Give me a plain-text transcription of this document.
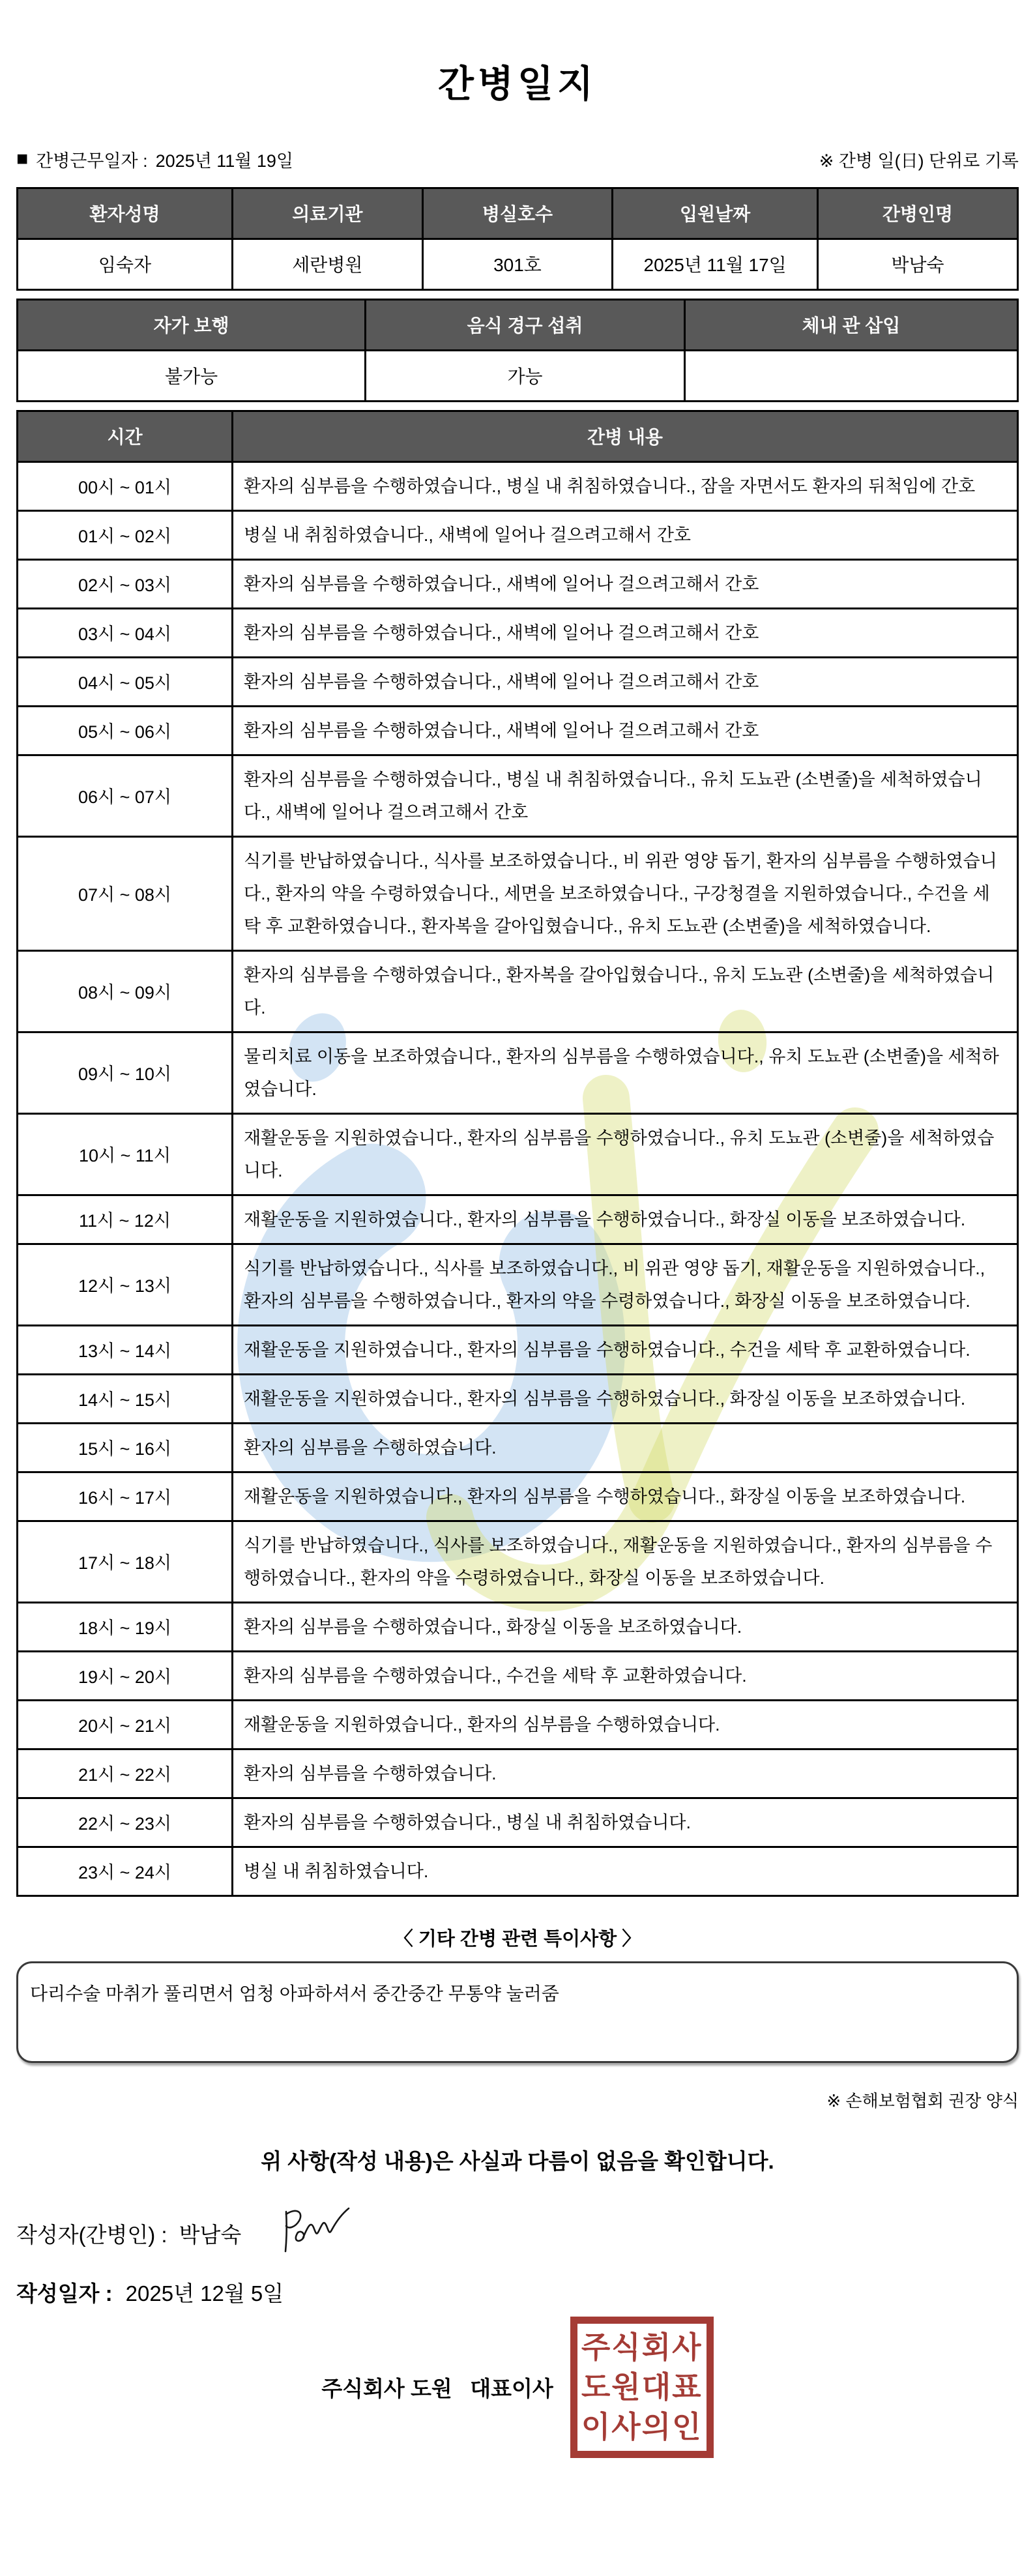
간병일지
■ 간병근무일자 : 2025년 11월 19일	※ 간병 일(日) 단위로 기록
환자성명	의료기관	병실호수	입원날짜	간병인명
임숙자	세란병원	301호	2025년 11월 17일	박남숙
자가 보행	음식 경구 섭취	체내 관 삽입
불가능	가능	
시간	간병 내용
00시 ~ 01시	환자의 심부름을 수행하였습니다., 병실 내 취침하였습니다., 잠을 자면서도 환자의 뒤척임에 간호
01시 ~ 02시	병실 내 취침하였습니다., 새벽에 일어나 걸으려고해서 간호
02시 ~ 03시	환자의 심부름을 수행하였습니다., 새벽에 일어나 걸으려고해서 간호
03시 ~ 04시	환자의 심부름을 수행하였습니다., 새벽에 일어나 걸으려고해서 간호
04시 ~ 05시	환자의 심부름을 수행하였습니다., 새벽에 일어나 걸으려고해서 간호
05시 ~ 06시	환자의 심부름을 수행하였습니다., 새벽에 일어나 걸으려고해서 간호
06시 ~ 07시	환자의 심부름을 수행하였습니다., 병실 내 취침하였습니다., 유치 도뇨관 (소변줄)을 세척하였습니다., 새벽에 일어나 걸으려고해서 간호
07시 ~ 08시	식기를 반납하였습니다., 식사를 보조하였습니다., 비 위관 영양 돕기, 환자의 심부름을 수행하였습니다., 환자의 약을 수령하였습니다., 세면을 보조하였습니다., 구강청결을 지원하였습니다., 수건을 세탁 후 교환하였습니다., 환자복을 갈아입혔습니다., 유치 도뇨관 (소변줄)을 세척하였습니다.
08시 ~ 09시	환자의 심부름을 수행하였습니다., 환자복을 갈아입혔습니다., 유치 도뇨관 (소변줄)을 세척하였습니다.
09시 ~ 10시	물리치료 이동을 보조하였습니다., 환자의 심부름을 수행하였습니다., 유치 도뇨관 (소변줄)을 세척하였습니다.
10시 ~ 11시	재활운동을 지원하였습니다., 환자의 심부름을 수행하였습니다., 유치 도뇨관 (소변줄)을 세척하였습니다.
11시 ~ 12시	재활운동을 지원하였습니다., 환자의 심부름을 수행하였습니다., 화장실 이동을 보조하였습니다.
12시 ~ 13시	식기를 반납하였습니다., 식사를 보조하였습니다., 비 위관 영양 돕기, 재활운동을 지원하였습니다., 환자의 심부름을 수행하였습니다., 환자의 약을 수령하였습니다., 화장실 이동을 보조하였습니다.
13시 ~ 14시	재활운동을 지원하였습니다., 환자의 심부름을 수행하였습니다., 수건을 세탁 후 교환하였습니다.
14시 ~ 15시	재활운동을 지원하였습니다., 환자의 심부름을 수행하였습니다., 화장실 이동을 보조하였습니다.
15시 ~ 16시	환자의 심부름을 수행하였습니다.
16시 ~ 17시	재활운동을 지원하였습니다., 환자의 심부름을 수행하였습니다., 화장실 이동을 보조하였습니다.
17시 ~ 18시	식기를 반납하였습니다., 식사를 보조하였습니다., 재활운동을 지원하였습니다., 환자의 심부름을 수행하였습니다., 환자의 약을 수령하였습니다., 화장실 이동을 보조하였습니다.
18시 ~ 19시	환자의 심부름을 수행하였습니다., 화장실 이동을 보조하였습니다.
19시 ~ 20시	환자의 심부름을 수행하였습니다., 수건을 세탁 후 교환하였습니다.
20시 ~ 21시	재활운동을 지원하였습니다., 환자의 심부름을 수행하였습니다.
21시 ~ 22시	환자의 심부름을 수행하였습니다.
22시 ~ 23시	환자의 심부름을 수행하였습니다., 병실 내 취침하였습니다.
23시 ~ 24시	병실 내 취침하였습니다.
〈 기타 간병 관련 특이사항 〉
다리수술 마취가 풀리면서 엄청 아파하셔서 중간중간 무통약 눌러줌
※ 손해보험협회 권장 양식
위 사항(작성 내용)은 사실과 다름이 없음을 확인합니다.
작성자(간병인) : 박남숙
작성일자 : 2025년 12월 5일
주식회사 도원   대표이사
주식회사
도원대표
이사의인
